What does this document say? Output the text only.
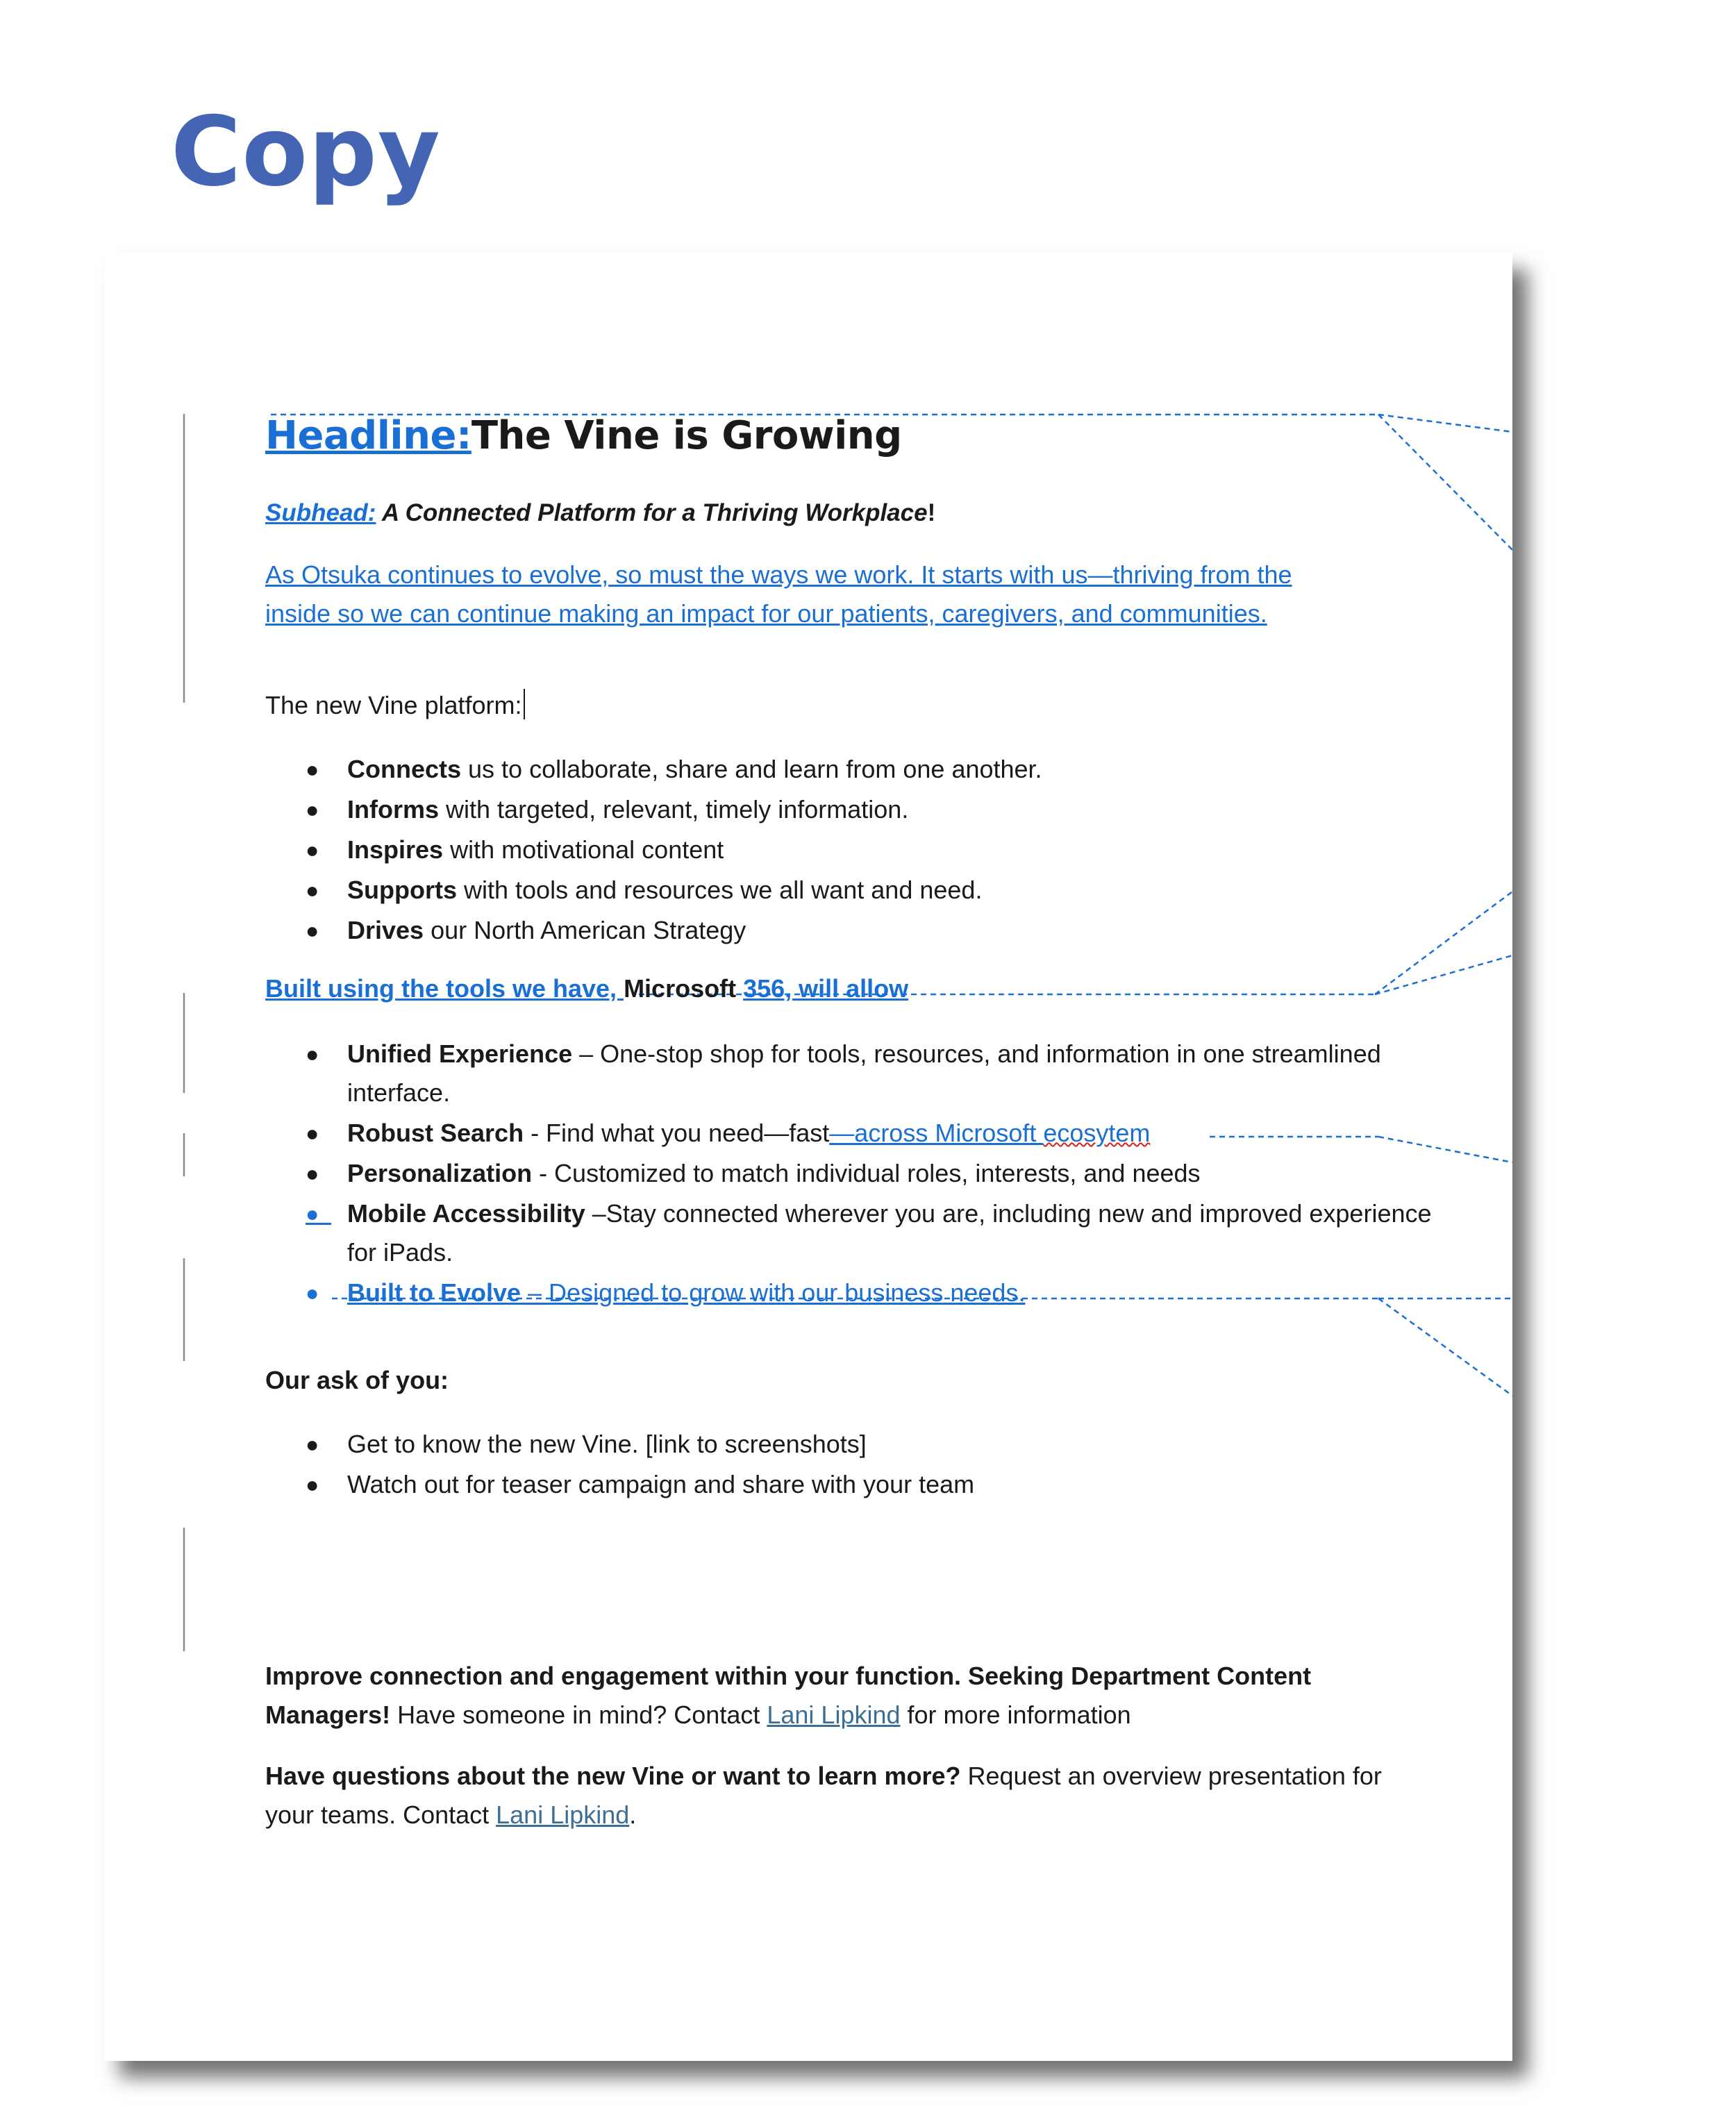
Copy

Headline:The Vine is Growing

Subhead: A Connected Platform for a Thriving Workplace!

As Otsuka continues to evolve, so must the ways we work. It starts with us—thriving from the inside so we can continue making an impact for our patients, caregivers, and communities.

The new Vine platform:

● Connects us to collaborate, share and learn from one another.
● Informs with targeted, relevant, timely information.
● Inspires with motivational content
● Supports with tools and resources we all want and need.
● Drives our North American Strategy

Built using the tools we have, Microsoft 356, will allow

● Unified Experience – One-stop shop for tools, resources, and information in one streamlined interface.
● Robust Search - Find what you need—fast—across Microsoft ecosytem
● Personalization - Customized to match individual roles, interests, and needs
● Mobile Accessibility –Stay connected wherever you are, including new and improved experience for iPads.
● Built to Evolve – Designed to grow with our business needs.

Our ask of you:

● Get to know the new Vine. [link to screenshots]
● Watch out for teaser campaign and share with your team

Improve connection and engagement within your function. Seeking Department Content Managers! Have someone in mind? Contact Lani Lipkind for more information

Have questions about the new Vine or want to learn more? Request an overview presentation for your teams. Contact Lani Lipkind.
